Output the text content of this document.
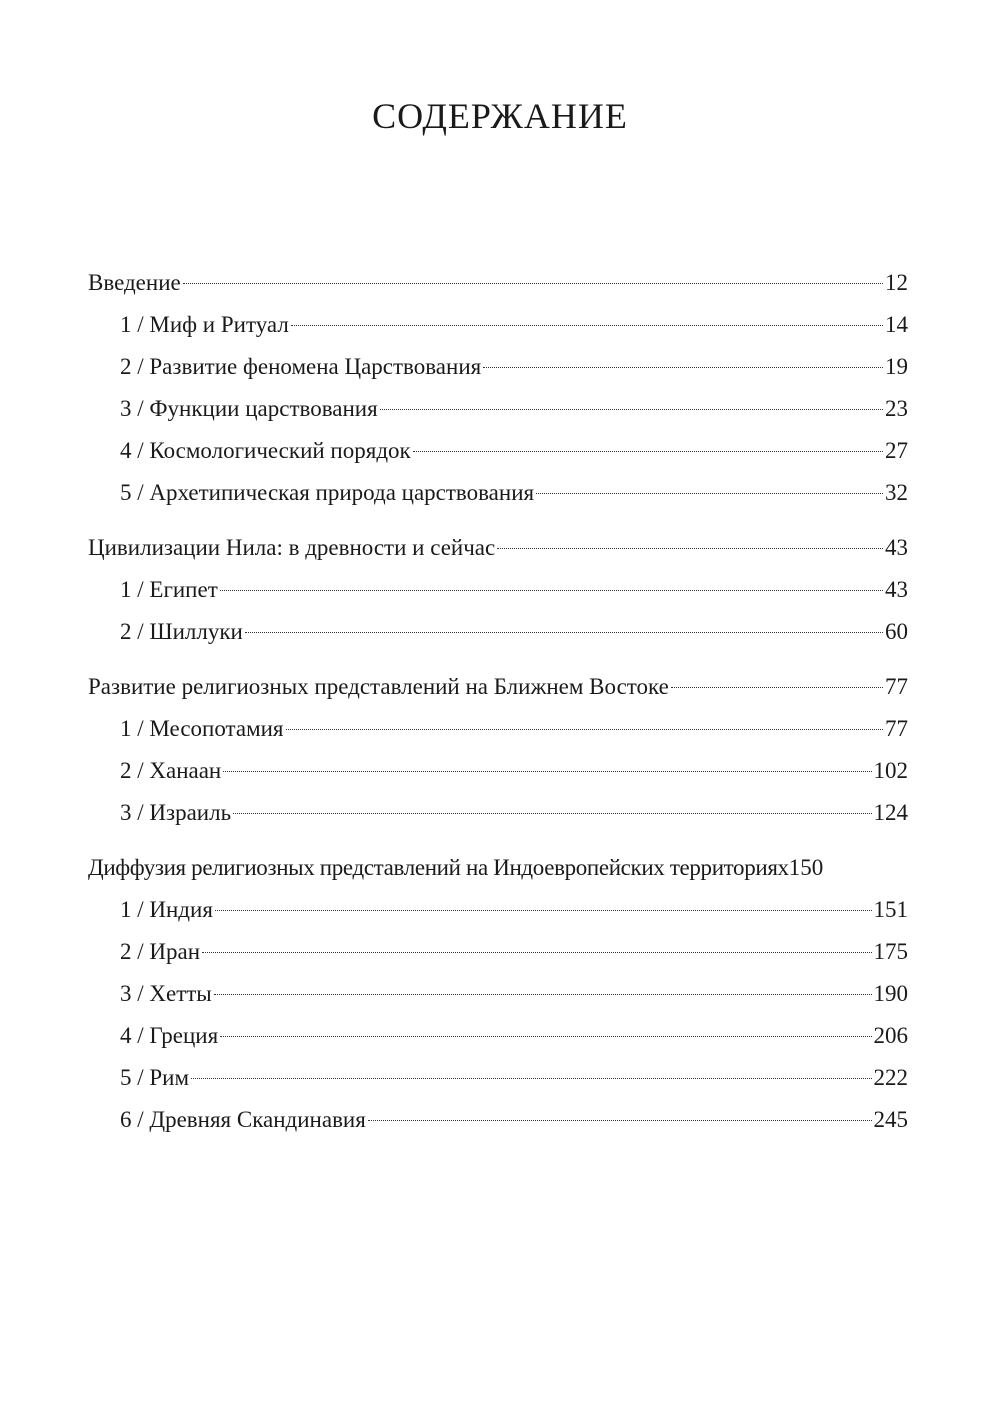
СОДЕРЖАНИЕ
Введение	12
1 / Миф и Ритуал	14
2 / Развитие феномена Царствования	19
3 / Функции царствования	23
4 / Космологический порядок	27
5 / Архетипическая природа царствования	32
Цивилизации Нила: в древности и сейчас	43
1 / Египет	43
2 / Шиллуки	60
Развитие религиозных представлений на Ближнем Востоке	77
1 / Месопотамия	77
2 / Ханаан	102
3 / Израиль	124
Диффузия религиозных представлений на Индоевропейских территориях 150
1 / Индия	151
2 / Иран	175
3 / Хетты	190
4 / Греция	206
5 / Рим	222
6 / Древняя Скандинавия	245
